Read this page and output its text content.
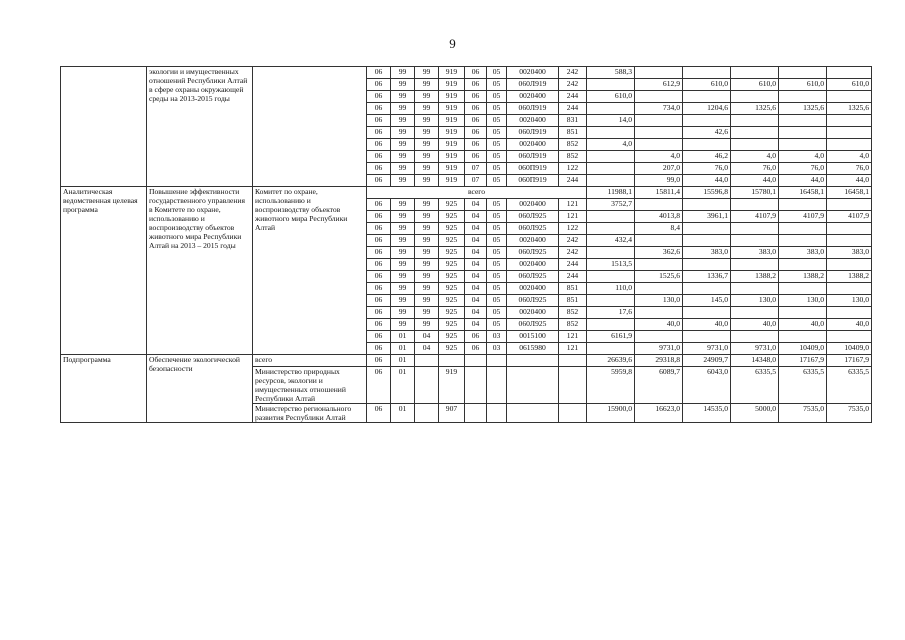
9
	экологии и имущественных отношений Республики Алтай в сфере охраны окружающей среды на 2013-2015 годы		06	99	99	919	06	05	0020400	242	588,3					
			06	99	99	919	06	05	060Л919	242		612,9	610,0	610,0	610,0	610,0
			06	99	99	919	06	05	0020400	244	610,0					
			06	99	99	919	06	05	060Л919	244		734,0	1204,6	1325,6	1325,6	1325,6
			06	99	99	919	06	05	0020400	831	14,0					
			06	99	99	919	06	05	060Л919	851			42,6			
			06	99	99	919	06	05	0020400	852	4,0					
			06	99	99	919	06	05	060Л919	852		4,0	46,2	4,0	4,0	4,0
			06	99	99	919	07	05	060П919	122		207,0	76,0	76,0	76,0	76,0
			06	99	99	919	07	05	060П919	244		99,0	44,0	44,0	44,0	44,0
Аналитическая ведомственная целевая программа	Повышение эффективности государственного управления в Комитете по охране, использованию и воспроизводству объектов животного мира Республики Алтай на 2013 – 2015 годы	Комитет по охране, использованию и воспроизводству объектов животного мира Республики Алтай	всего								11988,1	15811,4	15596,8	15780,1	16458,1	16458,1
			06	99	99	925	04	05	0020400	121	3752,7					
			06	99	99	925	04	05	060Л925	121		4013,8	3961,1	4107,9	4107,9	4107,9
			06	99	99	925	04	05	060Л925	122		8,4				
			06	99	99	925	04	05	0020400	242	432,4					
			06	99	99	925	04	05	060Л925	242		362,6	383,0	383,0	383,0	383,0
			06	99	99	925	04	05	0020400	244	1513,5					
			06	99	99	925	04	05	060Л925	244		1525,6	1336,7	1388,2	1388,2	1388,2
			06	99	99	925	04	05	0020400	851	110,0					
			06	99	99	925	04	05	060Л925	851		130,0	145,0	130,0	130,0	130,0
			06	99	99	925	04	05	0020400	852	17,6					
			06	99	99	925	04	05	060Л925	852		40,0	40,0	40,0	40,0	40,0
			06	01	04	925	06	03	0015100	121	6161,9					
			06	01	04	925	06	03	0615980	121		9731,0	9731,0	9731,0	10409,0	10409,0
Подпрограмма	Обеспечение экологической безопасности	всего	06	01							26639,6	29318,8	24909,7	14348,0	17167,9	17167,9
		Министерство природных ресурсов, экологии и имущественных отношений Республики Алтай	06	01		919					5959,8	6089,7	6043,0	6335,5	6335,5	6335,5
		Министерство регионального развития Республики Алтай	06	01		907					15900,0	16623,0	14535,0	5000,0	7535,0	7535,0
